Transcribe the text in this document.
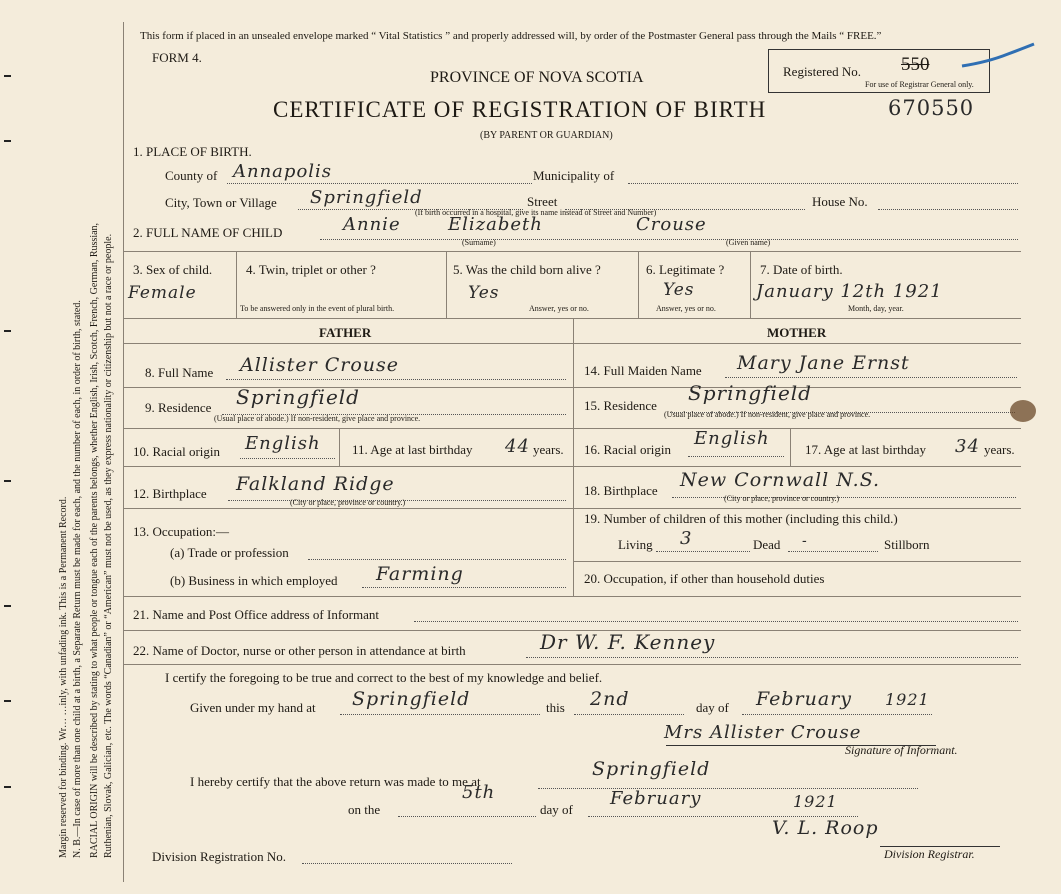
Margin reserved for binding. Wr… …inly, with unfading ink. This is a Permanent Record. N. B.—In case of more than one child at a birth, a Separate Return must be made for each, and the number of each, in order of birth, stated. RACIAL ORIGIN will be described by stating to what people or tongue each of the parents belongs, whether English, Irish, Scotch, French, German, Russian, Ruthenian, Slovak, Galician, etc. The words “Canadian” or “American” must not be used, as they express nationality or citizenship but not a race or people.
This form if placed in an unsealed envelope marked “ Vital Statistics ” and properly addressed will, by order of the Postmaster General pass through the Mails “ FREE.”
FORM 4.
PROVINCE OF NOVA SCOTIA
CERTIFICATE OF REGISTRATION OF BIRTH
(BY PARENT OR GUARDIAN)
Registered No. 550
For use of Registrar General only.
670550
1. PLACE OF BIRTH.
County of Annapolis	Municipality of
City, Town or Village Springfield	Street	House No.
(If birth occurred in a hospital, give its name instead of Street and Number)
2. FULL NAME OF CHILD	Annie	Elizabeth	Crouse
(Surname)	(Given name)
3. Sex of child.
Female
4. Twin, triplet or other ?
To be answered only in the event of plural birth.
5. Was the child born alive ?
Yes
Answer, yes or no.
6. Legitimate ?
Yes
Answer, yes or no.
7. Date of birth.
January 12th 1921
Month, day, year.
FATHER	MOTHER
8. Full Name Allister Crouse	14. Full Maiden Name Mary Jane Ernst
9. Residence Springfield
(Usual place of abode.) If non-resident, give place and province.
15. Residence
Springfield
(Usual place of abode.) If non-resident, give place and province.
10. Racial origin English 11. Age at last birthday 44 years. 16. Racial origin
English
17. Age at last birthday 34 years.
12. Birthplace Falkland Ridge
(City or place, province or country.)
18. Birthplace New Cornwall N.S.
(City or place, province or country.)
13. Occupation:—
(a) Trade or profession
19. Number of children of this mother (including this child.)
Living 3	Dead -	Stillborn
(b) Business in which employed Farming	20. Occupation, if other than household duties
21. Name and Post Office address of Informant
22. Name of Doctor, nurse or other person in attendance at birth	Dr W. F. Kenney
I certify the foregoing to be true and correct to the best of my knowledge and belief.
Given under my hand at Springfield	this 2nd	day of February 1921
Mrs Allister Crouse
Signature of Informant.
I hereby certify that the above return was made to me at
Springfield
on the
5th
day of
February	1921
V. L. Roop
Division Registration No.	Division Registrar.
